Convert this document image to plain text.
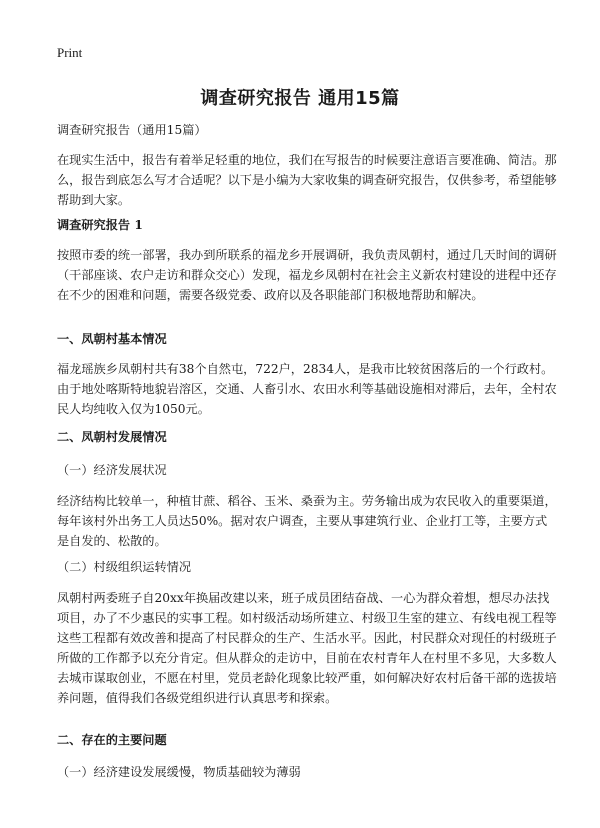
Print
调查研究报告 通用15篇
调查研究报告（通用15篇）
在现实生活中，报告有着举足轻重的地位，我们在写报告的时候要注意语言要准确、简洁。那么，报告到底怎么写才合适呢？以下是小编为大家收集的调查研究报告，仅供参考，希望能够帮助到大家。
调查研究报告 1
按照市委的统一部署，我办到所联系的福龙乡开展调研，我负责凤朝村，通过几天时间的调研（干部座谈、农户走访和群众交心）发现，福龙乡凤朝村在社会主义新农村建设的进程中还存在不少的困难和问题，需要各级党委、政府以及各职能部门积极地帮助和解决。
一、凤朝村基本情况
福龙瑶族乡凤朝村共有38个自然屯，722户，2834人，是我市比较贫困落后的一个行政村。由于地处喀斯特地貌岩溶区，交通、人畜引水、农田水利等基础设施相对滞后，去年，全村农民人均纯收入仅为1050元。
二、凤朝村发展情况
（一）经济发展状况
经济结构比较单一，种植甘蔗、稻谷、玉米、桑蚕为主。劳务输出成为农民收入的重要渠道，每年该村外出务工人员达50%。据对农户调查，主要从事建筑行业、企业打工等，主要方式是自发的、松散的。
（二）村级组织运转情况
凤朝村两委班子自20xx年换届改建以来，班子成员团结奋战、一心为群众着想，想尽办法找项目，办了不少惠民的实事工程。如村级活动场所建立、村级卫生室的建立、有线电视工程等这些工程都有效改善和提高了村民群众的生产、生活水平。因此，村民群众对现任的村级班子所做的工作都予以充分肯定。但从群众的走访中，目前在农村青年人在村里不多见，大多数人去城市谋取创业，不愿在村里，党员老龄化现象比较严重，如何解决好农村后备干部的选拔培养问题，值得我们各级党组织进行认真思考和探索。
二、存在的主要问题
（一）经济建设发展缓慢，物质基础较为薄弱
